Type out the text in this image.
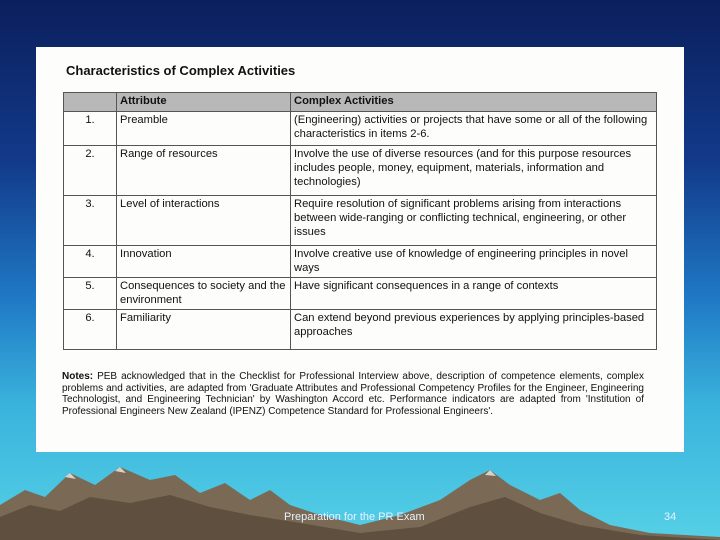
Characteristics of Complex Activities
	Attribute	Complex Activities
1.	Preamble	(Engineering) activities or projects that have some or all of the following characteristics in items 2-6.
2.	Range of resources	Involve the use of diverse resources (and for this purpose resources includes people, money, equipment, materials, information and technologies)
3.	Level of interactions	Require resolution of significant problems arising from interactions between wide-ranging or conflicting technical, engineering, or other issues
4.	Innovation	Involve creative use of knowledge of engineering principles in novel ways
5.	Consequences to society and the environment	Have significant consequences in a range of contexts
6.	Familiarity	Can extend beyond previous experiences by applying principles-based approaches
Notes: PEB acknowledged that in the Checklist for Professional Interview above, description of competence elements, complex problems and activities, are adapted from 'Graduate Attributes and Professional Competency Profiles for the Engineer, Engineering Technologist, and Engineering Technician' by Washington Accord etc. Performance indicators are adapted from 'Institution of Professional Engineers New Zealand (IPENZ) Competence Standard for Professional Engineers'.
Preparation for the PR Exam	34
